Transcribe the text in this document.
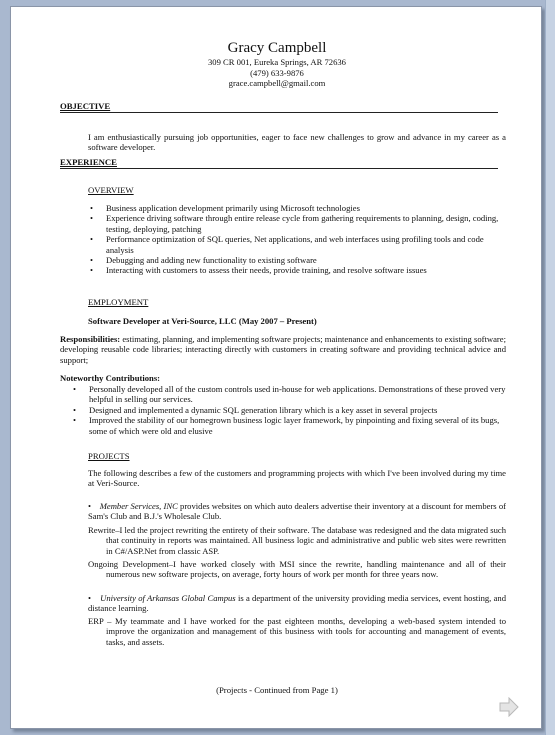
Gracy Campbell
309 CR 001, Eureka Springs, AR 72636
(479) 633-9876
grace.campbell@gmail.com
OBJECTIVE
I am enthusiastically pursuing job opportunities, eager to face new challenges to grow and advance in my career as a software developer.
EXPERIENCE
OVERVIEW
• Business application development primarily using Microsoft technologies
• Experience driving software through entire release cycle from gathering requirements to planning, design, coding, testing, deploying, patching
• Performance optimization of SQL queries, Net applications, and web interfaces using profiling tools and code analysis
• Debugging and adding new functionality to existing software
• Interacting with customers to assess their needs, provide training, and resolve software issues
EMPLOYMENT
Software Developer at Veri-Source, LLC (May 2007 – Present)
Responsibilities: estimating, planning, and implementing software projects; maintenance and enhancements to existing software; developing reusable code libraries; interacting directly with customers in creating software and providing technical advice and support;
Noteworthy Contributions:
• Personally developed all of the custom controls used in-house for web applications. Demonstrations of these proved very helpful in selling our services.
• Designed and implemented a dynamic SQL generation library which is a key asset in several projects
• Improved the stability of our homegrown business logic layer framework, by pinpointing and fixing several of its bugs, some of which were old and elusive
PROJECTS
The following describes a few of the customers and programming projects with which I've been involved during my time at Veri-Source.
•    Member Services, INC provides websites on which auto dealers advertise their inventory at a discount for members of Sam's Club and B.J.'s Wholesale Club.
Rewrite–I led the project rewriting the entirety of their software. The database was redesigned and the data migrated such that continuity in reports was maintained. All business logic and administrative and public web sites were rewritten in C#/ASP.Net from classic ASP.
Ongoing Development–I have worked closely with MSI since the rewrite, handling maintenance and all of their numerous new software projects, on average, forty hours of work per month for three years now.
•    University of Arkansas Global Campus is a department of the university providing media services, event hosting, and distance learning.
ERP – My teammate and I have worked for the past eighteen months, developing a web-based system intended to improve the organization and management of this business with tools for accounting and management of events, tasks, and assets.
(Projects - Continued from Page 1)
